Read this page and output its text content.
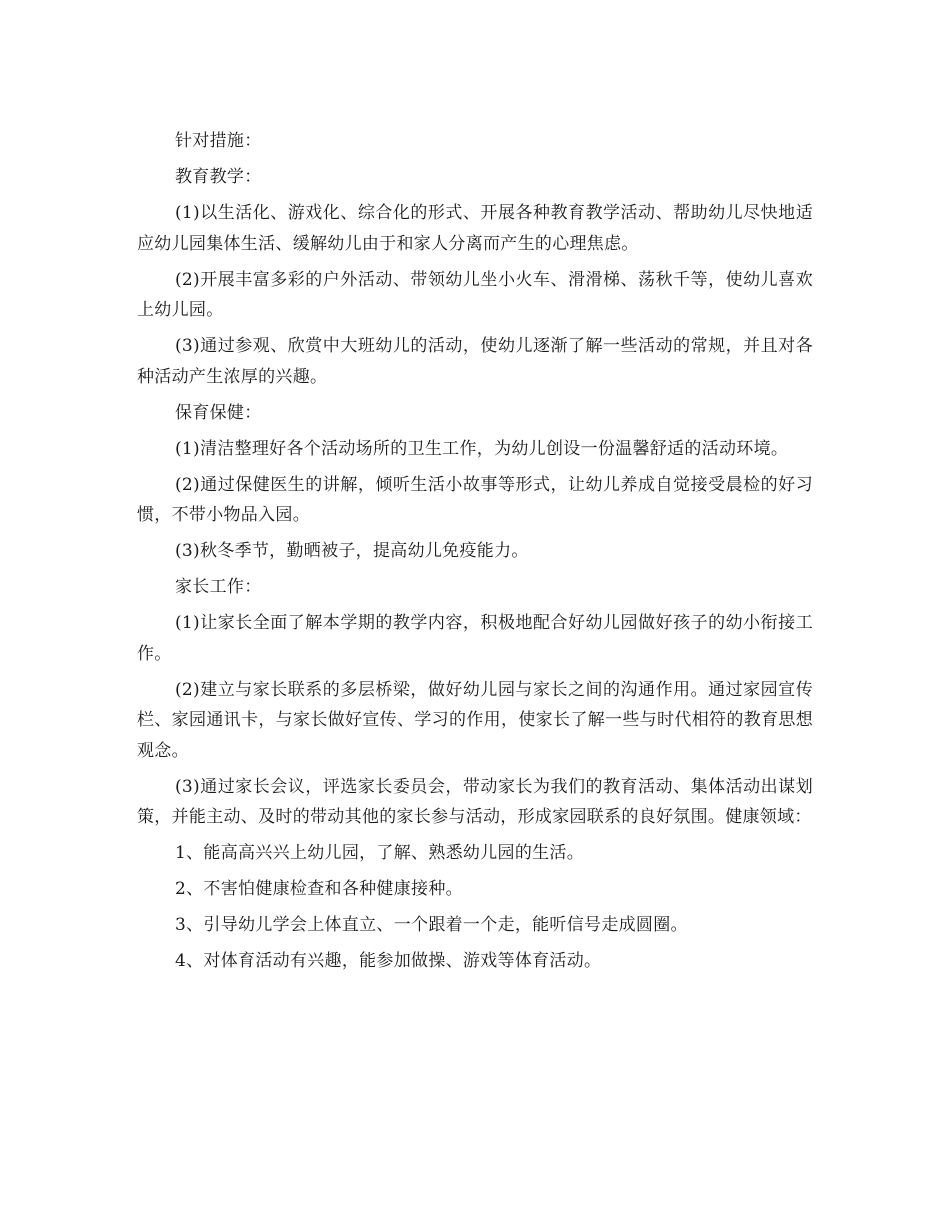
针对措施：

教育教学：

(1)以生活化、游戏化、综合化的形式、开展各种教育教学活动、帮助幼儿尽快地适应幼儿园集体生活、缓解幼儿由于和家人分离而产生的心理焦虑。

(2)开展丰富多彩的户外活动、带领幼儿坐小火车、滑滑梯、荡秋千等，使幼儿喜欢上幼儿园。

(3)通过参观、欣赏中大班幼儿的活动，使幼儿逐渐了解一些活动的常规，并且对各种活动产生浓厚的兴趣。

保育保健：

(1)清洁整理好各个活动场所的卫生工作，为幼儿创设一份温馨舒适的活动环境。

(2)通过保健医生的讲解，倾听生活小故事等形式，让幼儿养成自觉接受晨检的好习惯，不带小物品入园。

(3)秋冬季节，勤晒被子，提高幼儿免疫能力。

家长工作：

(1)让家长全面了解本学期的教学内容，积极地配合好幼儿园做好孩子的幼小衔接工作。

(2)建立与家长联系的多层桥梁，做好幼儿园与家长之间的沟通作用。通过家园宣传栏、家园通讯卡，与家长做好宣传、学习的作用，使家长了解一些与时代相符的教育思想观念。

(3)通过家长会议，评选家长委员会，带动家长为我们的教育活动、集体活动出谋划策，并能主动、及时的带动其他的家长参与活动，形成家园联系的良好氛围。健康领域：

1、能高高兴兴上幼儿园，了解、熟悉幼儿园的生活。

2、不害怕健康检查和各种健康接种。

3、引导幼儿学会上体直立、一个跟着一个走，能听信号走成圆圈。

4、对体育活动有兴趣，能参加做操、游戏等体育活动。
